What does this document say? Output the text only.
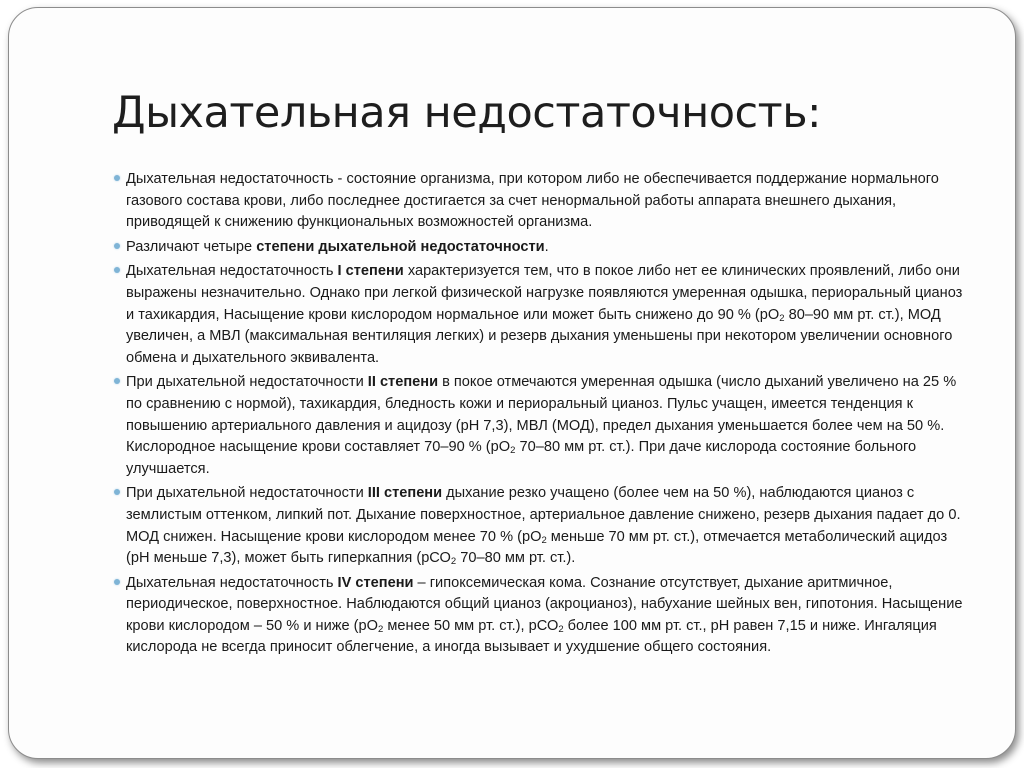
Дыхательная недостаточность:
Дыхательная недостаточность - состояние организма, при котором либо не обеспечивается поддержание нормального газового состава крови, либо последнее достигается за счет ненормальной работы аппарата внешнего дыхания, приводящей к снижению функциональных возможностей организма.
Различают четыре степени дыхательной недостаточности.
Дыхательная недостаточность I степени характеризуется тем, что в покое либо нет ее клинических проявлений, либо они выражены незначительно. Однако при легкой физической нагрузке появляются умеренная одышка, периоральный цианоз и тахикардия, Насыщение крови кислородом нормальное или может быть снижено до 90 % ($рО_2$ 80–90 мм рт. ст.), МОД увеличен, а МВЛ (максимальная вентиляция легких) и резерв дыхания уменьшены при некотором увеличении основного обмена и дыхательного эквивалента.
При дыхательной недостаточности II степени в покое отмечаются умеренная одышка (число дыханий увеличено на 25 % по сравнению с нормой), тахикардия, бледность кожи и периоральный цианоз. Пульс учащен, имеется тенденция к повышению артериального давления и ацидозу (рН 7,3), МВЛ (МОД), предел дыхания уменьшается более чем на 50 %. Кислородное насыщение крови составляет 70–90 % ($рО_2$ 70–80 мм рт. ст.). При даче кислорода состояние больного улучшается.
При дыхательной недостаточности III степени дыхание резко учащено (более чем на 50 %), наблюдаются цианоз с землистым оттенком, липкий пот. Дыхание поверхностное, артериальное давление снижено, резерв дыхания падает до 0. МОД снижен. Насыщение крови кислородом менее 70 % ($рО_2$ меньше 70 мм рт. ст.), отмечается метаболический ацидоз (рН меньше 7,3), может быть гиперкапния (рСО$_2$ 70–80 мм рт. ст.).
Дыхательная недостаточность IV степени – гипоксемическая кома. Сознание отсутствует, дыхание аритмичное, периодическое, поверхностное. Наблюдаются общий цианоз (акроцианоз), набухание шейных вен, гипотония. Насыщение крови кислородом – 50 % и ниже ($рО_2$ менее 50 мм рт. ст.), рСО$_2$ более 100 мм рт. ст., рН равен 7,15 и ниже. Ингаляция кислорода не всегда приносит облегчение, а иногда вызывает и ухудшение общего состояния.
